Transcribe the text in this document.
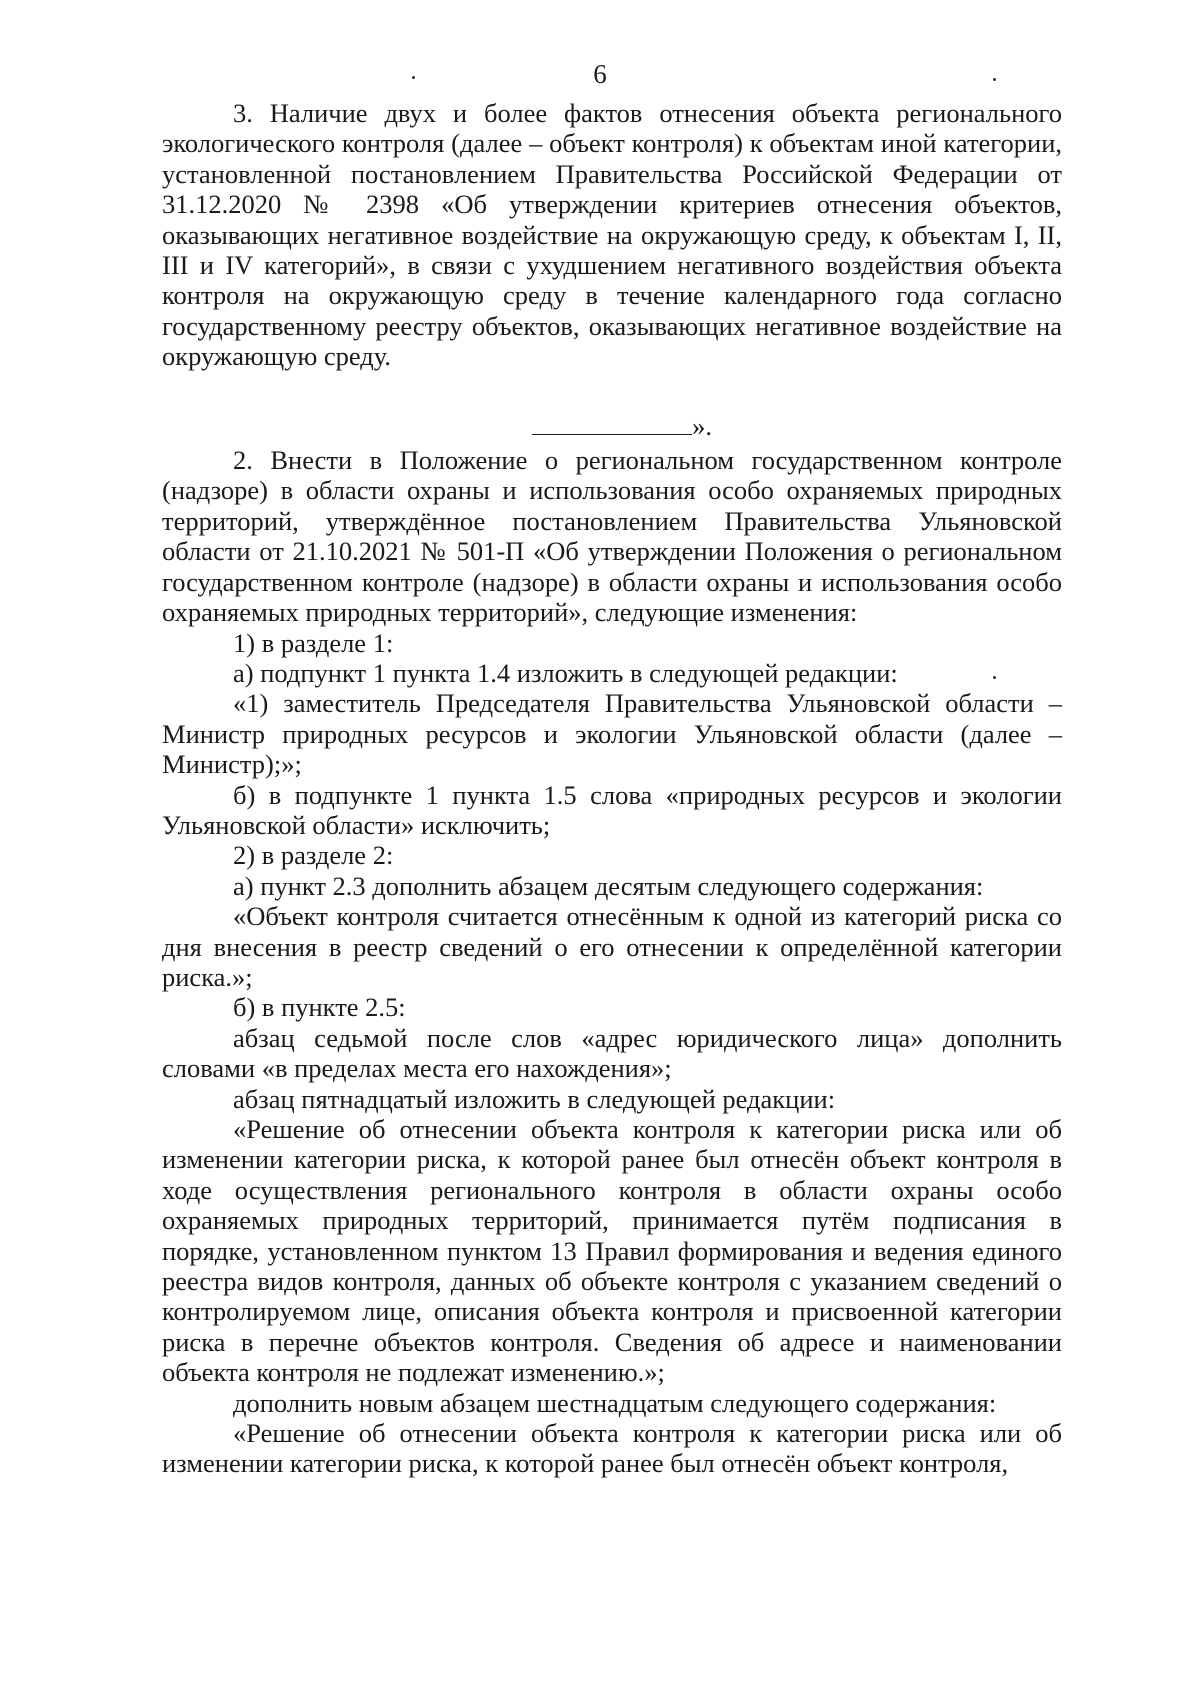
6

3. Наличие двух и более фактов отнесения объекта регионального экологического контроля (далее – объект контроля) к объектам иной категории, установленной постановлением Правительства Российской Федерации от 31.12.2020 № 2398 «Об утверждении критериев отнесения объектов, оказывающих негативное воздействие на окружающую среду, к объектам I, II, III и IV категорий», в связи с ухудшением негативного воздействия объекта контроля на окружающую среду в течение календарного года согласно государственному реестру объектов, оказывающих негативное воздействие на окружающую среду.

».

2. Внести в Положение о региональном государственном контроле (надзоре) в области охраны и использования особо охраняемых природных территорий, утверждённое постановлением Правительства Ульяновской области от 21.10.2021 № 501-П «Об утверждении Положения о региональном государственном контроле (надзоре) в области охраны и использования особо охраняемых природных территорий», следующие изменения:

1) в разделе 1:

а) подпункт 1 пункта 1.4 изложить в следующей редакции:

«1) заместитель Председателя Правительства Ульяновской области – Министр природных ресурсов и экологии Ульяновской области (далее – Министр);»;

б) в подпункте 1 пункта 1.5 слова «природных ресурсов и экологии Ульяновской области» исключить;

2) в разделе 2:

а) пункт 2.3 дополнить абзацем десятым следующего содержания:

«Объект контроля считается отнесённым к одной из категорий риска со дня внесения в реестр сведений о его отнесении к определённой категории риска.»;

б) в пункте 2.5:

абзац седьмой после слов «адрес юридического лица» дополнить словами «в пределах места его нахождения»;

абзац пятнадцатый изложить в следующей редакции:

«Решение об отнесении объекта контроля к категории риска или об изменении категории риска, к которой ранее был отнесён объект контроля в ходе осуществления регионального контроля в области охраны особо охраняемых природных территорий, принимается путём подписания в порядке, установленном пунктом 13 Правил формирования и ведения единого реестра видов контроля, данных об объекте контроля с указанием сведений о контролируемом лице, описания объекта контроля и присвоенной категории риска в перечне объектов контроля. Сведения об адресе и наименовании объекта контроля не подлежат изменению.»;

дополнить новым абзацем шестнадцатым следующего содержания:

«Решение об отнесении объекта контроля к категории риска или об изменении категории риска, к которой ранее был отнесён объект контроля,
